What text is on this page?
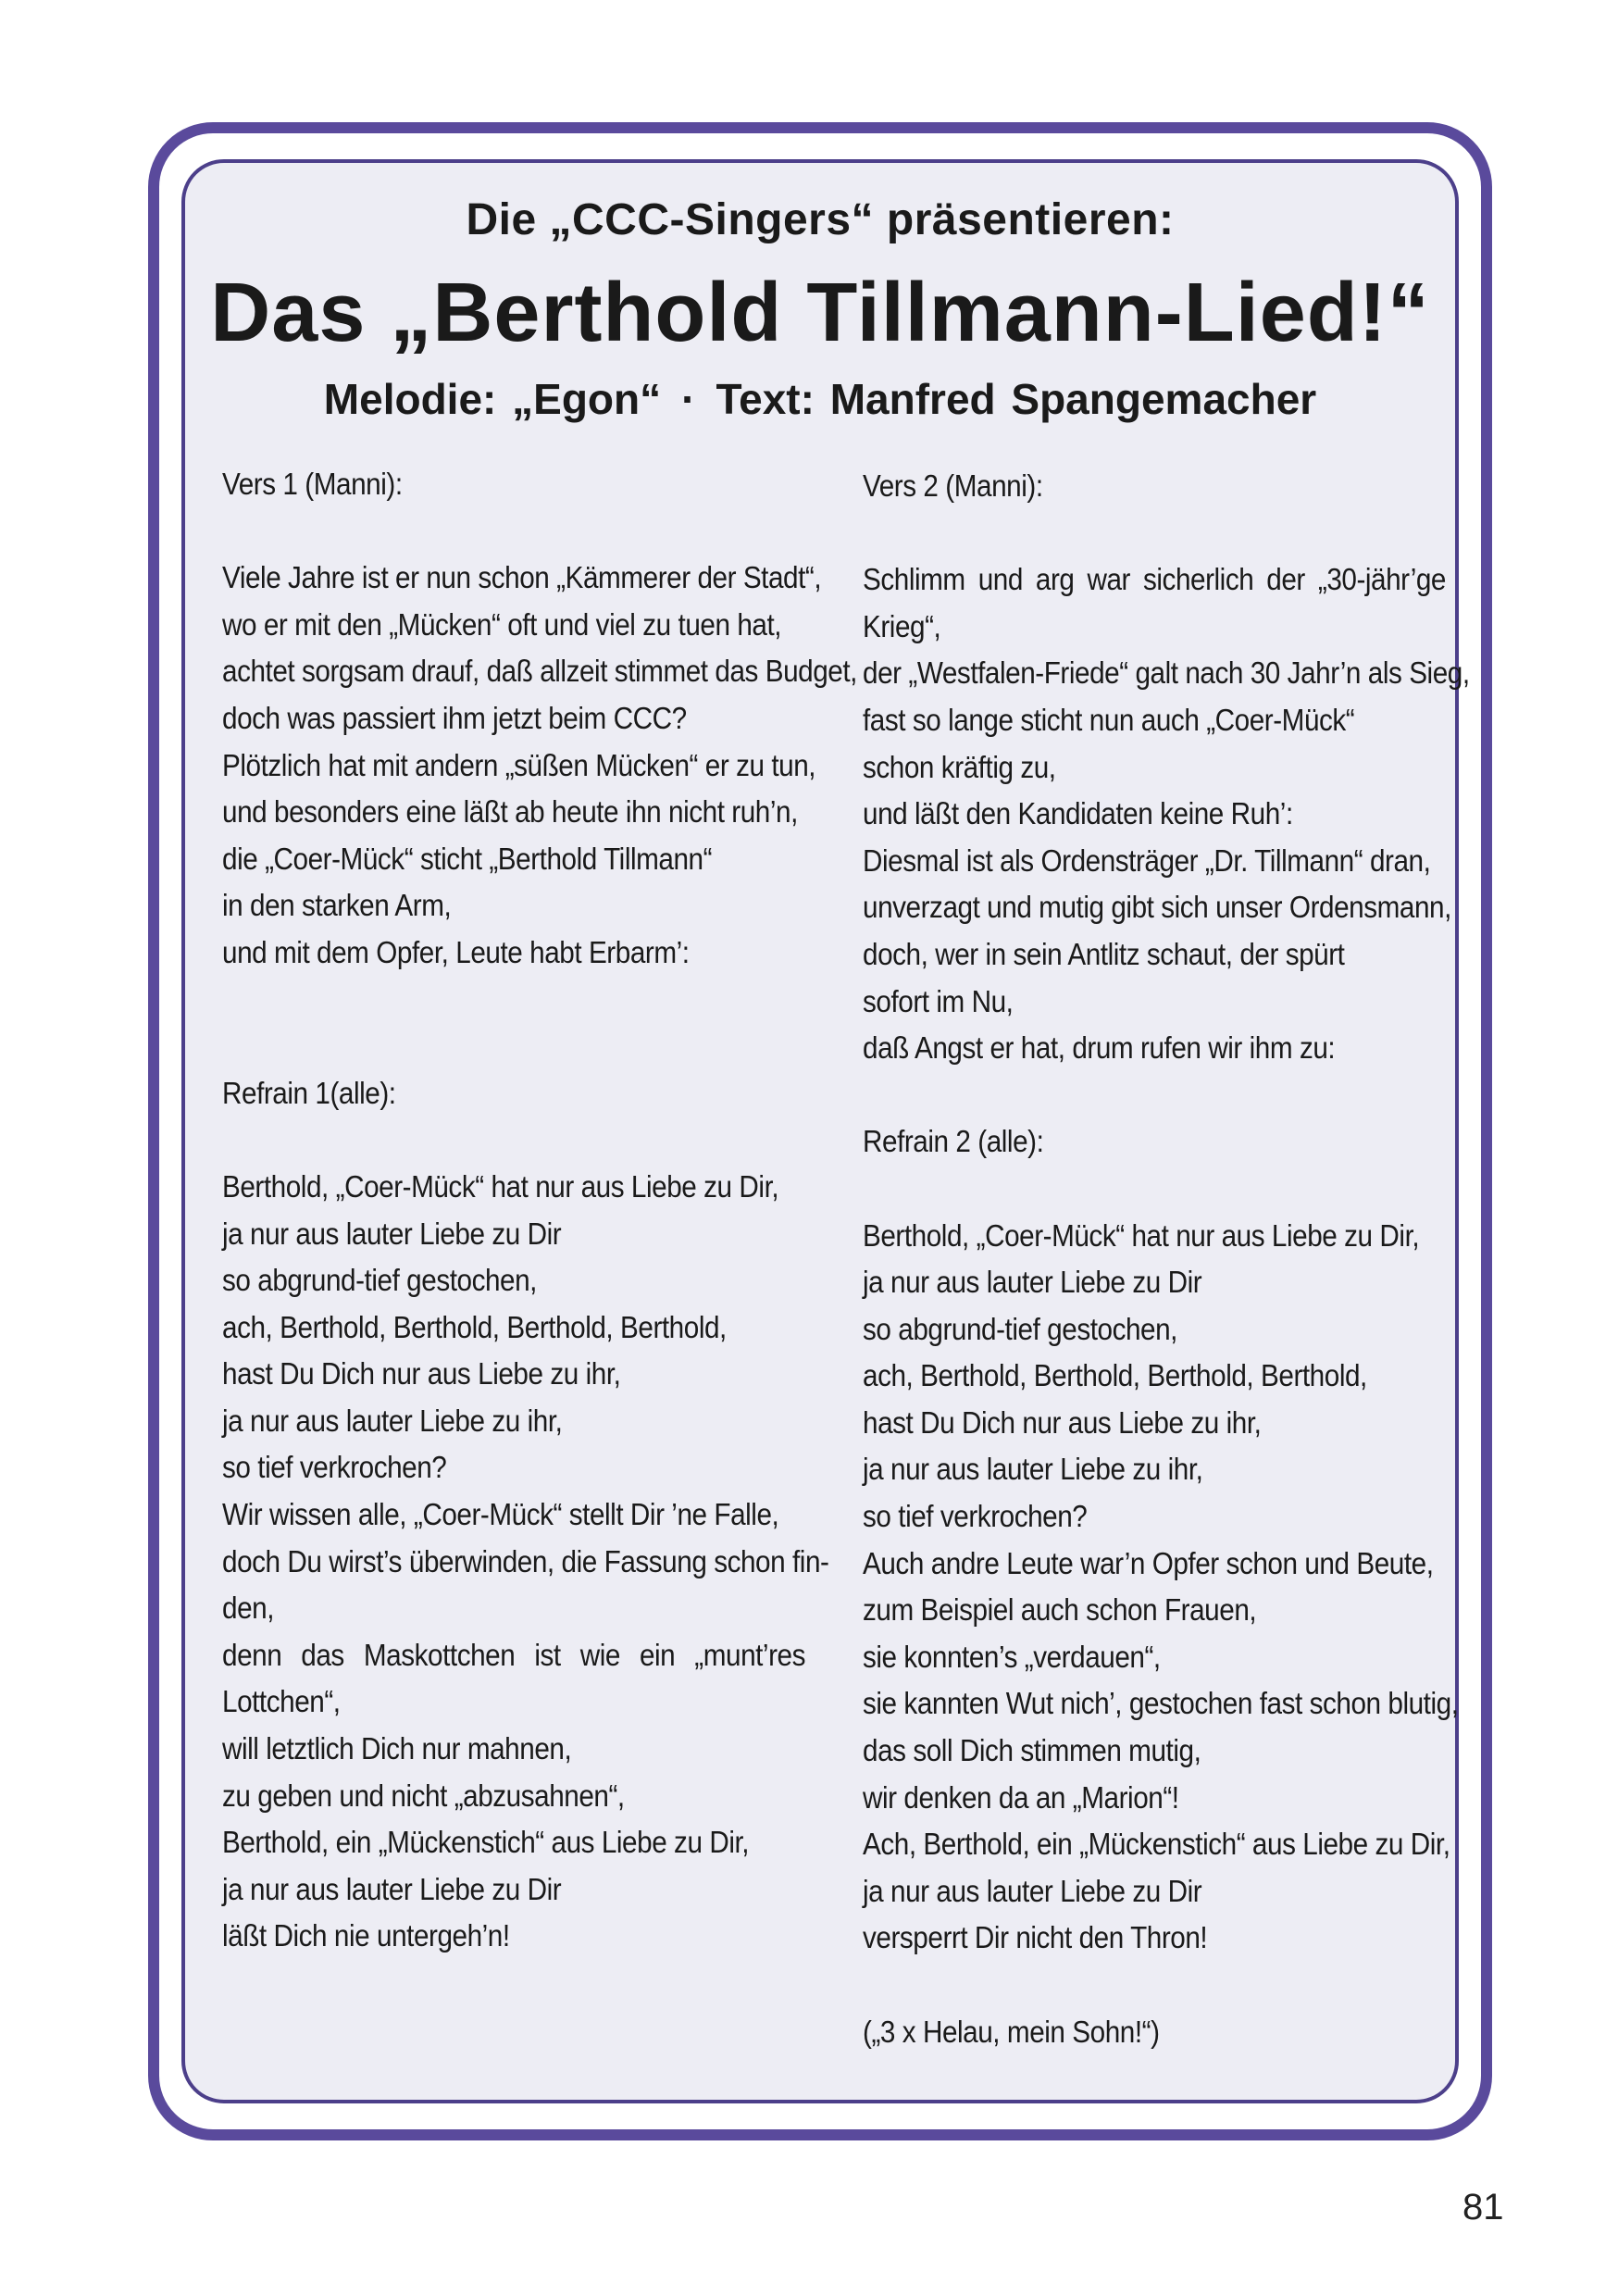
Die „CCC-Singers“ präsentieren:
Das „Berthold Tillmann-Lied!“
Melodie: „Egon“ · Text: Manfred Spangemacher
Vers 1 (Manni):
Viele Jahre ist er nun schon „Kämmerer der Stadt“,
wo er mit den „Mücken“ oft und viel zu tuen hat,
achtet sorgsam drauf, daß allzeit stimmet das Budget,
doch was passiert ihm jetzt beim CCC?
Plötzlich hat mit andern „süßen Mücken“ er zu tun,
und besonders eine läßt ab heute ihn nicht ruh’n,
die „Coer-Mück“ sticht „Berthold Tillmann“
in den starken Arm,
und mit dem Opfer, Leute habt Erbarm’:
Refrain 1(alle):
Berthold, „Coer-Mück“ hat nur aus Liebe zu Dir,
ja nur aus lauter Liebe zu Dir
so abgrund-tief gestochen,
ach, Berthold, Berthold, Berthold, Berthold,
hast Du Dich nur aus Liebe zu ihr,
ja nur aus lauter Liebe zu ihr,
so tief verkrochen?
Wir wissen alle, „Coer-Mück“ stellt Dir ’ne Falle,
doch Du wirst’s überwinden, die Fassung schon fin-
den,
denn das Maskottchen ist wie ein „munt’res
Lottchen“,
will letztlich Dich nur mahnen,
zu geben und nicht „abzusahnen“,
Berthold, ein „Mückenstich“ aus Liebe zu Dir,
ja nur aus lauter Liebe zu Dir
läßt Dich nie untergeh’n!
Vers 2 (Manni):
Schlimm und arg war sicherlich der „30-jähr’ge
Krieg“,
der „Westfalen-Friede“ galt nach 30 Jahr’n als Sieg,
fast so lange sticht nun auch „Coer-Mück“
schon kräftig zu,
und läßt den Kandidaten keine Ruh’:
Diesmal ist als Ordensträger „Dr. Tillmann“ dran,
unverzagt und mutig gibt sich unser Ordensmann,
doch, wer in sein Antlitz schaut, der spürt
sofort im Nu,
daß Angst er hat, drum rufen wir ihm zu:
Refrain 2 (alle):
Berthold, „Coer-Mück“ hat nur aus Liebe zu Dir,
ja nur aus lauter Liebe zu Dir
so abgrund-tief gestochen,
ach, Berthold, Berthold, Berthold, Berthold,
hast Du Dich nur aus Liebe zu ihr,
ja nur aus lauter Liebe zu ihr,
so tief verkrochen?
Auch andre Leute war’n Opfer schon und Beute,
zum Beispiel auch schon Frauen,
sie konnten’s „verdauen“,
sie kannten Wut nich’, gestochen fast schon blutig,
das soll Dich stimmen mutig,
wir denken da an „Marion“!
Ach, Berthold, ein „Mückenstich“ aus Liebe zu Dir,
ja nur aus lauter Liebe zu Dir
versperrt Dir nicht den Thron!
(„3 x Helau, mein Sohn!“)
81
